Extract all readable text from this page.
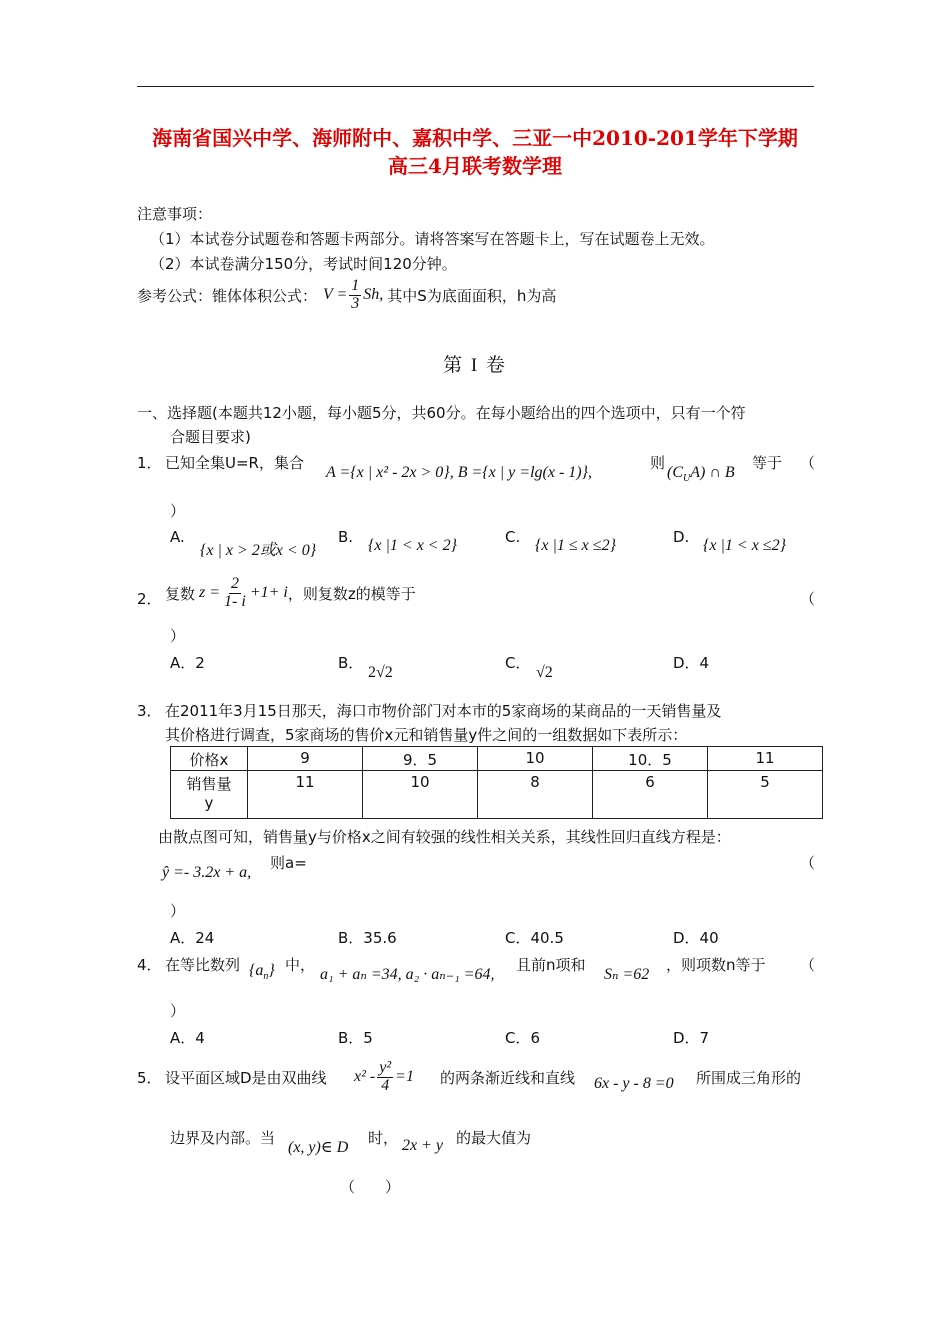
海南省国兴中学、海师附中、嘉积中学、三亚一中2010-201学年下学期
高三4月联考数学理
注意事项：
（1）本试卷分试题卷和答题卡两部分。请将答案写在答题卡上，写在试题卷上无效。
（2）本试卷满分150分，考试时间120分钟。
参考公式：锥体体积公式： $V = \frac{1}{3} Sh$, 其中S为底面面积，h为高
第 I 卷
一、选择题(本题共12小题，每小题5分，共60分。在每小题给出的四个选项中，只有一个符
合题目要求)
1． 已知全集U=R，集合
A ={x | x² - 2x > 0}, B ={x | y =lg(x - 1)},
则
$(C_UA)$ ∩ B
等于 （
）
A.
{x | x > 2或x < 0}
B. {x |1 < x < 2}	C. {x |1 ≤ x ≤2}	D. {x |1 < x ≤2}
2． 复数 $z = \frac{2}{1- i} +1+ i$ ，则复数z的模等于	（
）
A．2	B．
2√2
C．
√2
D．4
3． 在2011年3月15日那天，海口市物价部门对本市的5家商场的某商品的一天销售量及
其价格进行调查，5家商场的售价x元和销售量y件之间的一组数据如下表所示：
价格x	9	9．5	10	10．5	11
销售量
y	11	10	8	6	5
由散点图可知，销售量y与价格x之间有较强的线性相关关系，其线性回归直线方程是：
ŷ =- 3.2x + a,
则a=	（
）
A．24	B．35.6	C．40.5	D．40
4． 在等比数列 $\{a_n\}$ 中，
a₁ + aₙ =34, a₂ · aₙ₋₁ =64,
且前n项和
Sₙ =62
，则项数n等于 （
）
A．4	B．5	C．6	D．7
5． 设平面区域D是由双曲线 $x^2 - \frac{\text{y²}}{4} =1$ 的两条渐近线和直线 6x - y - 8 =0 所围成三角形的
边界及内部。当
(x, y)∈ D
时， 2x + y 的最大值为
（　　）
